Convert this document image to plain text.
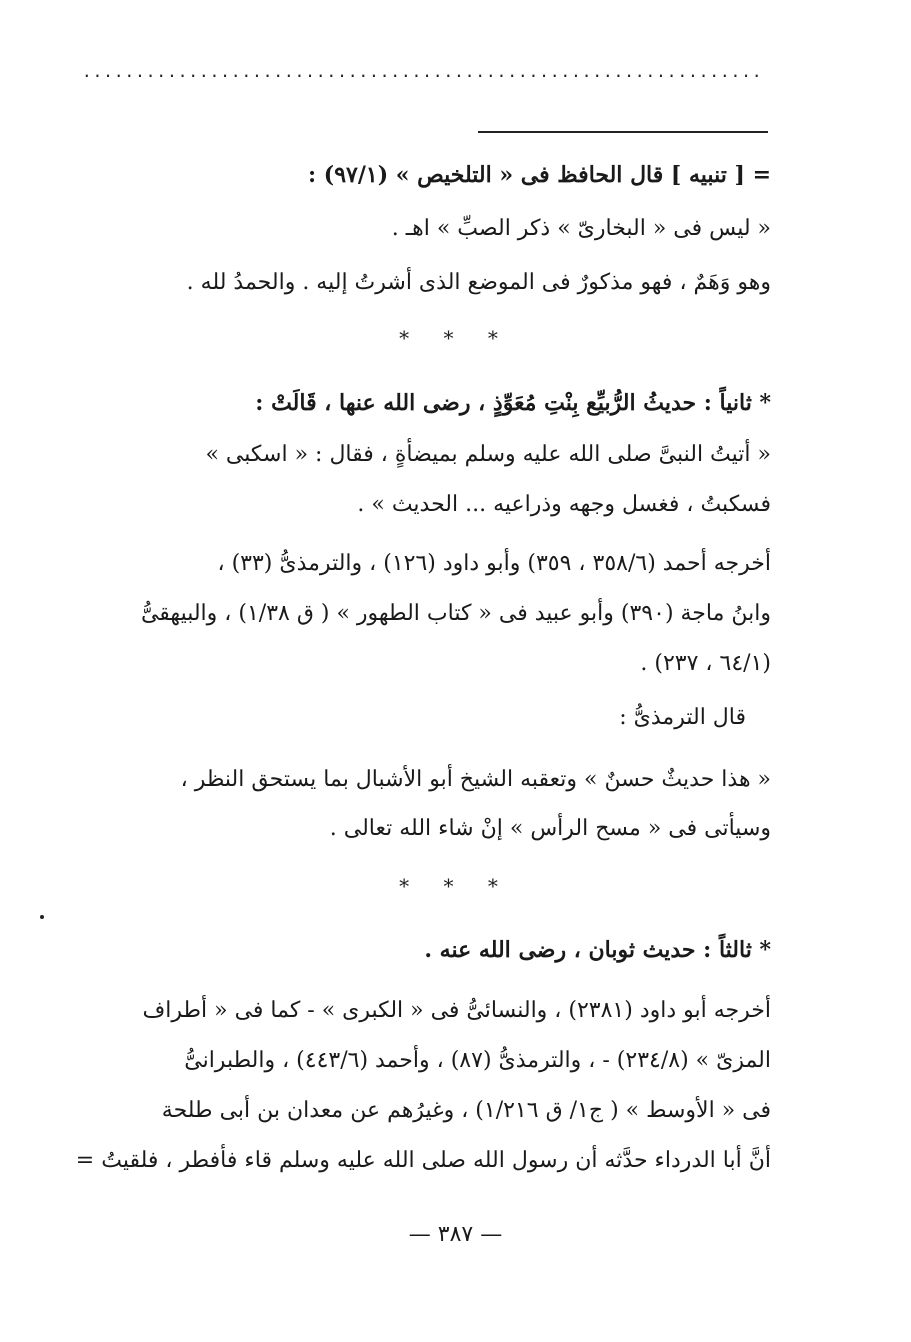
................................................................
= [ تنبيه ] قال الحافظ فى « التلخيص » (٩٧/١) :
« ليس فى « البخارىّ » ذكر الصبِّ » اهـ .
وهو وَهَمٌ ، فهو مذكورٌ فى الموضع الذى أشرتُ إليه . والحمدُ لله .
* * *
* ثانياً : حديثُ الرُّبيِّع بِنْتِ مُعَوِّذٍ ، رضى الله عنها ، قَالَتْ :
« أتيتُ النبىَّ صلى الله عليه وسلم بميضأةٍ ، فقال : « اسكبى »
فسكبتُ ، فغسل وجهه وذراعيه ... الحديث » .
أخرجه أحمد (٣٥٨/٦ ، ٣٥٩) وأبو داود (١٢٦) ، والترمذىُّ (٣٣) ،
وابنُ ماجة (٣٩٠) وأبو عبيد فى « كتاب الطهور » ( ق ١/٣٨) ، والبيهقىُّ
(٦٤/١ ، ٢٣٧) .
قال الترمذىُّ :
« هذا حديثٌ حسنٌ » وتعقبه الشيخ أبو الأشبال بما يستحق النظر ،
وسيأتى فى « مسح الرأس » إنْ شاء الله تعالى .
* * *
* ثالثاً : حديث ثوبان ، رضى الله عنه .
أخرجه أبو داود (٢٣٨١) ، والنسائىُّ فى « الكبرى » - كما فى « أطراف
المزىّ » (٢٣٤/٨) - ، والترمذىُّ (٨٧) ، وأحمد (٤٤٣/٦) ، والطبرانىُّ
فى « الأوسط » ( ج١/ ق ١/٢١٦) ، وغيرُهم عن معدان بن أبى طلحة
أنَّ أبا الدرداء حدَّثه أن رسول الله صلى الله عليه وسلم قاء فأفطر ، فلقيتُ =
— ٣٨٧ —
